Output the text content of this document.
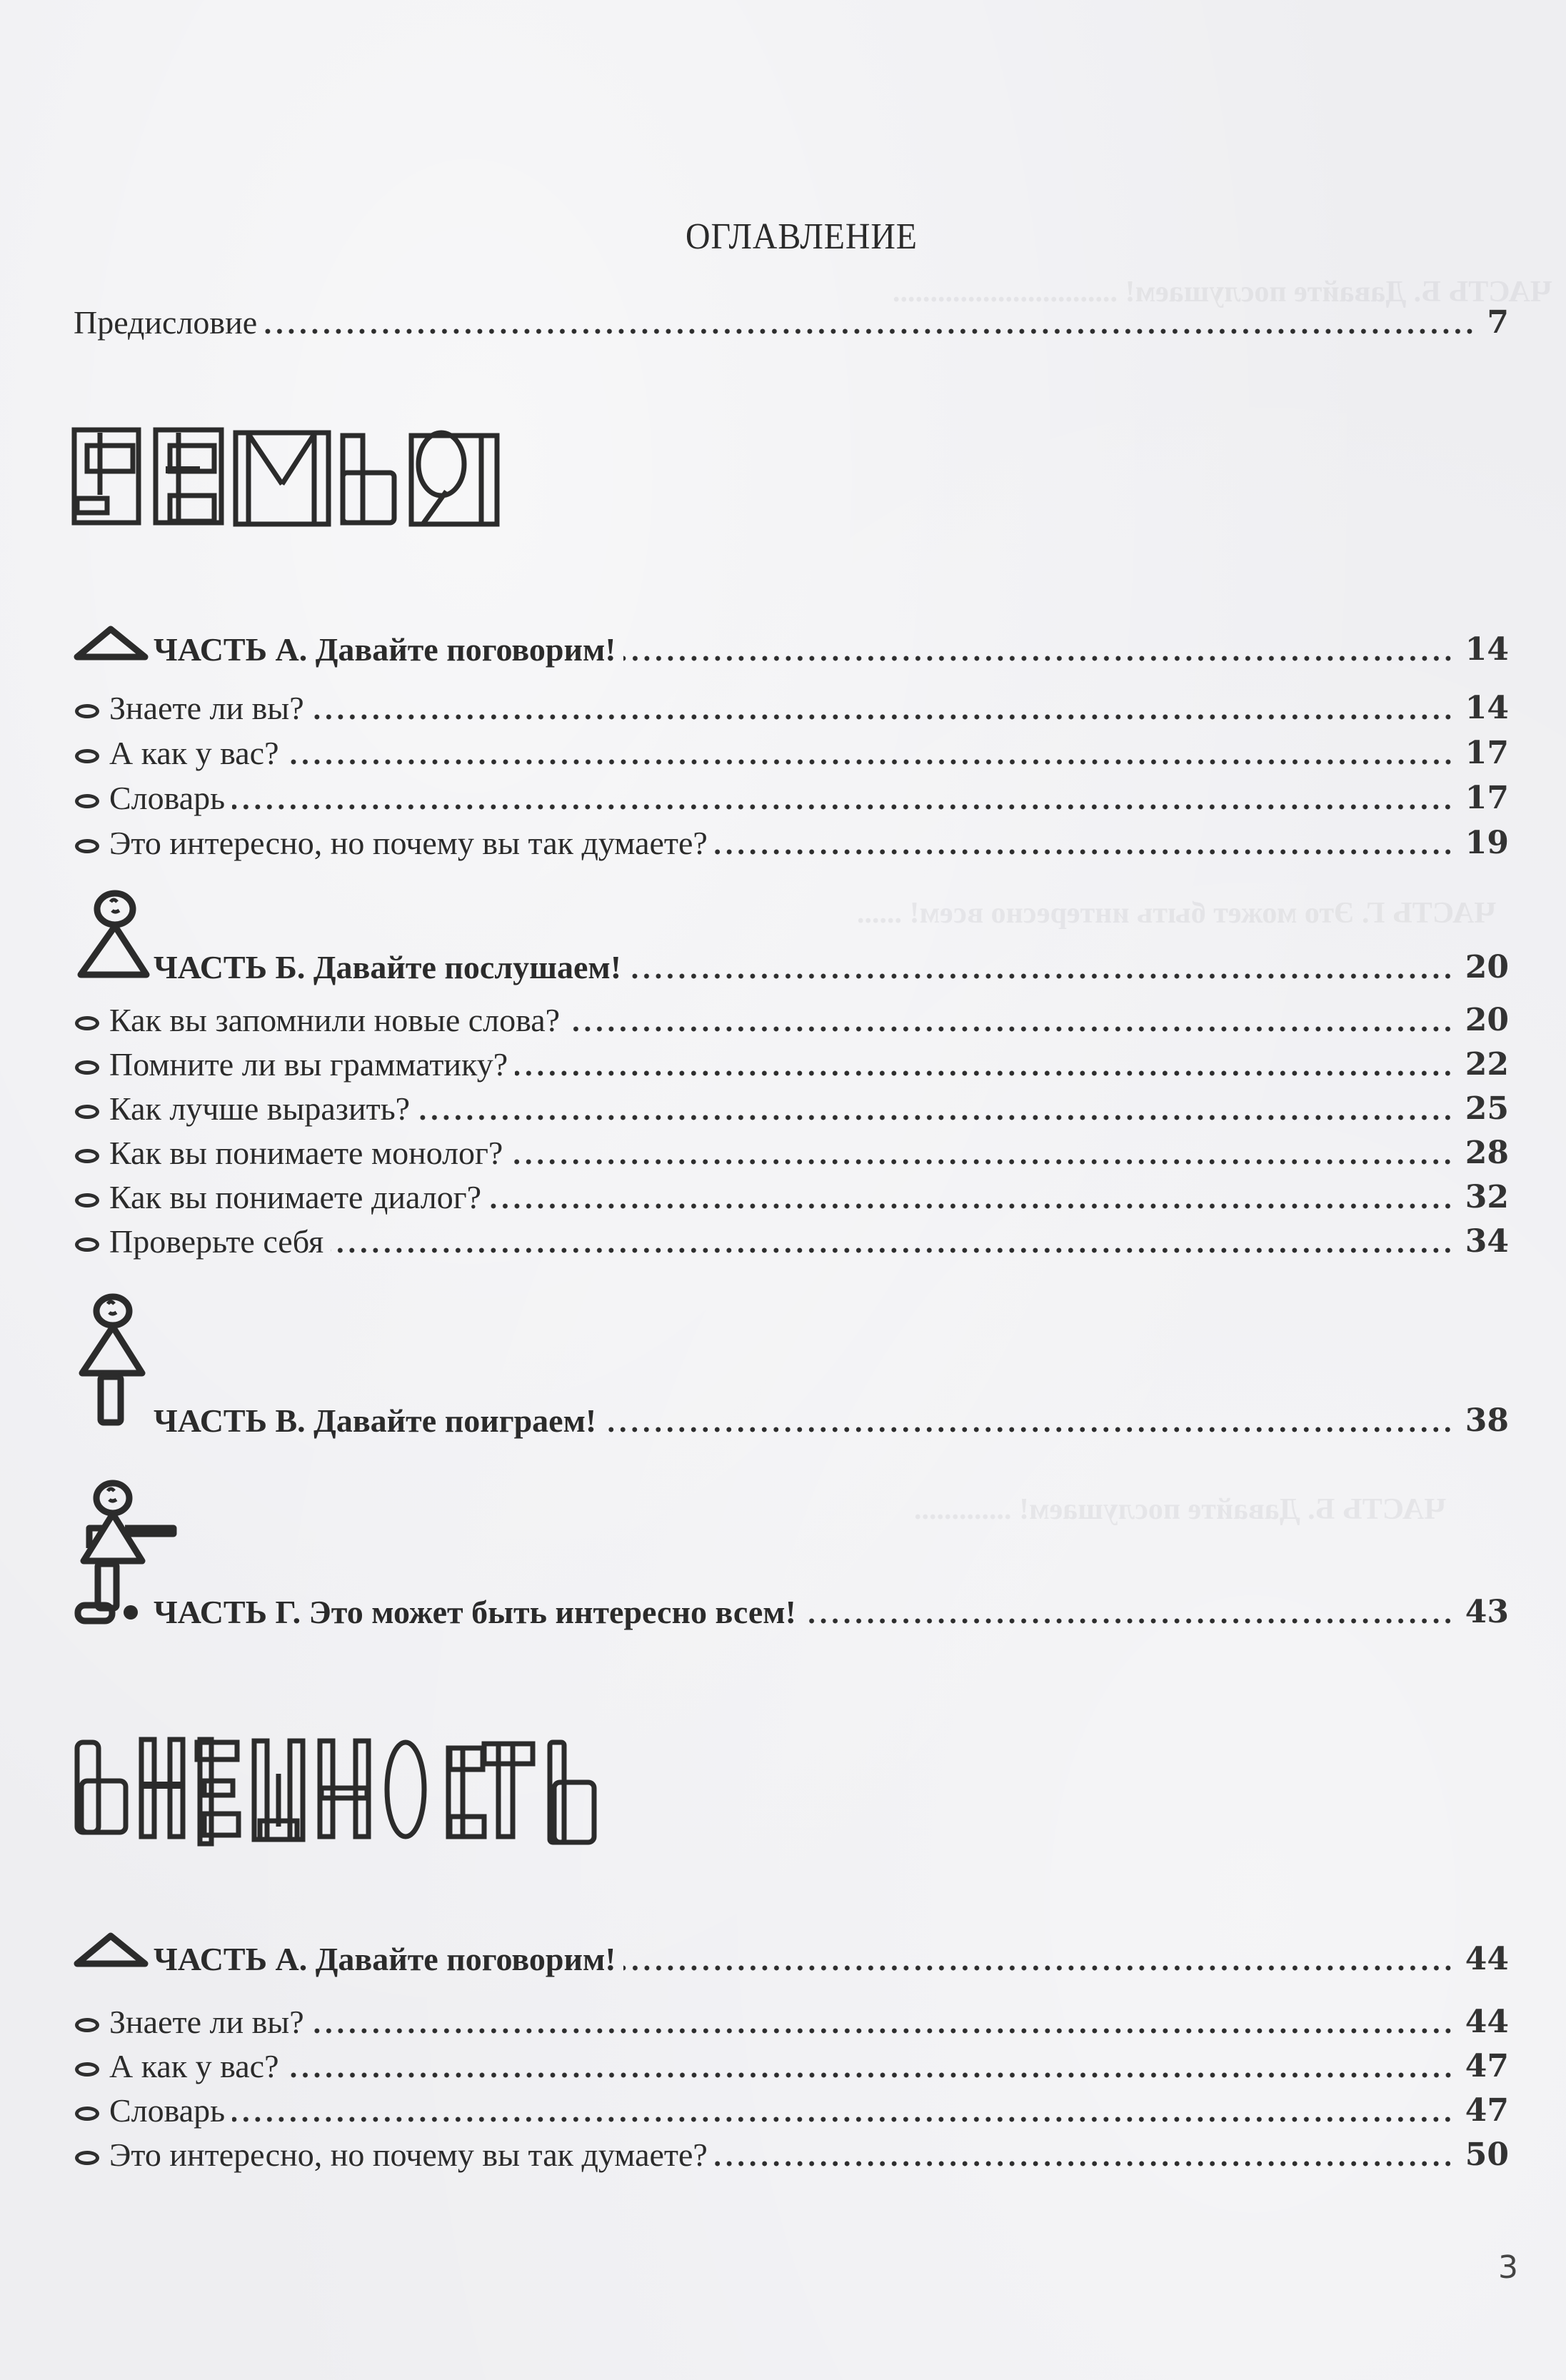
ЧАСТЬ Б. Давайте послушаем! ..............................
ЧАСТЬ Г. Это может быть интересно всем! ......
ЧАСТЬ Б. Давайте послушаем! .............
ОГЛАВЛЕНИЕ
Предисловие	7
ЧАСТЬ А. Давайте поговорим!	14
Знаете ли вы?	14
А как у вас?	17
Словарь	17
Это интересно, но почему вы так думаете?	19
ЧАСТЬ Б. Давайте послушаем!	20
Как вы запомнили новые слова?	20
Помните ли вы грамматику?	22
Как лучше выразить?	25
Как вы понимаете монолог?	28
Как вы понимаете диалог?	32
Проверьте себя	34
ЧАСТЬ В. Давайте поиграем!	38
ЧАСТЬ Г. Это может быть интересно всем!	43
ЧАСТЬ А. Давайте поговорим!	44
Знаете ли вы?	44
А как у вас?	47
Словарь	47
Это интересно, но почему вы так думаете?	50
3
